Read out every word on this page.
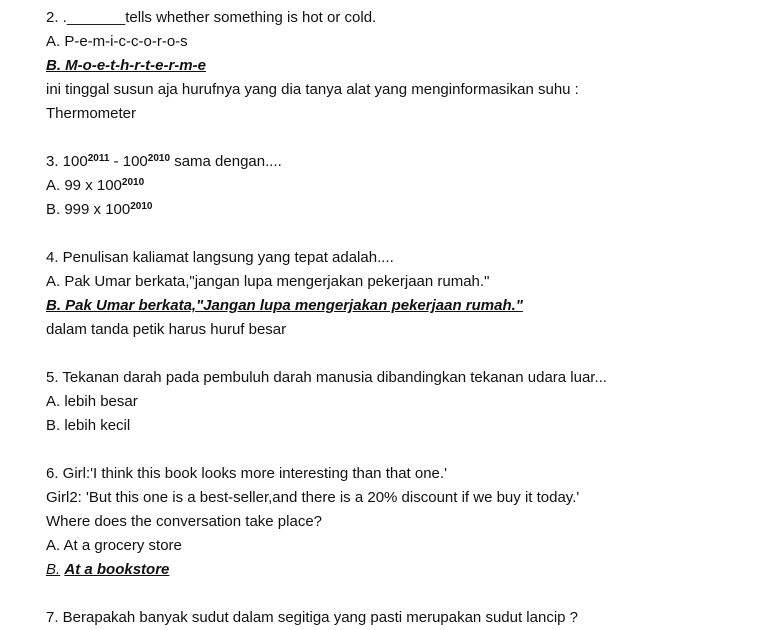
2. ._______tells whether something is hot or cold.
A. P-e-m-i-c-c-o-r-o-s
B. M-o-e-t-h-r-t-e-r-m-e
ini tinggal susun aja hurufnya yang dia tanya alat yang menginformasikan suhu :
Thermometer
3. $100^{2011} - 100^{2010}$ sama dengan....
A. 99 x $100^{2010}$
B. 999 x $100^{2010}$
4. Penulisan kaliamat langsung yang tepat adalah....
A. Pak Umar berkata,"jangan lupa mengerjakan pekerjaan rumah."
B. Pak Umar berkata,"Jangan lupa mengerjakan pekerjaan rumah."
dalam tanda petik harus huruf besar
5. Tekanan darah pada pembuluh darah manusia dibandingkan tekanan udara luar...
A. lebih besar
B. lebih kecil
6. Girl:'I think this book looks more interesting than that one.'
Girl2: 'But this one is a best-seller,and there is a 20% discount if we buy it today.'
Where does the conversation take place?
A. At a grocery store
B. At a bookstore
7. Berapakah banyak sudut dalam segitiga yang pasti merupakan sudut lancip ?
